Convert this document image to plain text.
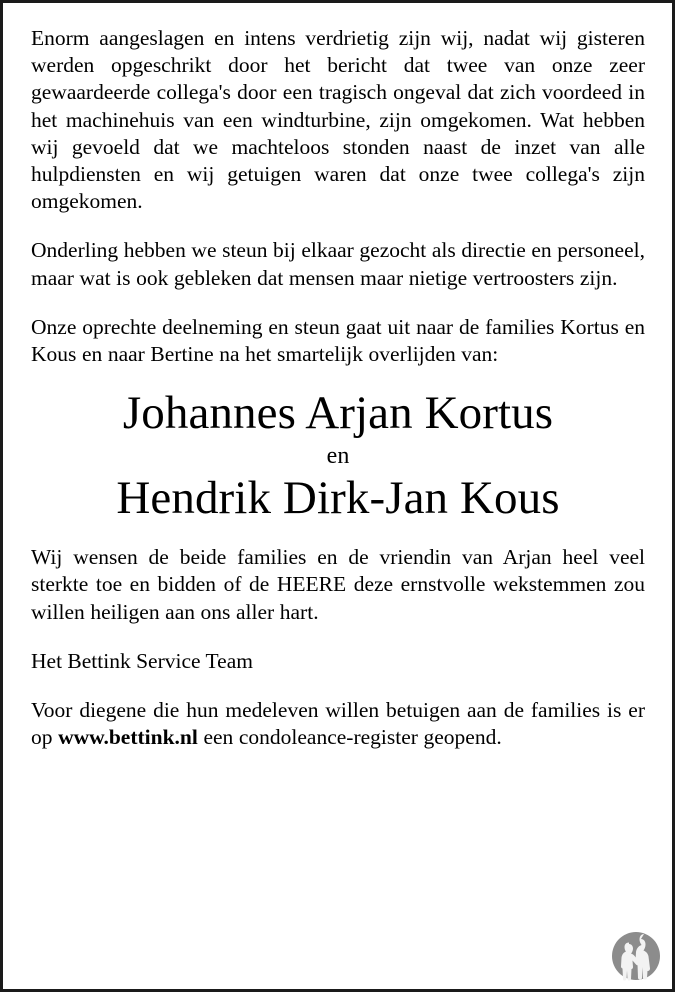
Enorm aangeslagen en intens verdrietig zijn wij, nadat wij gisteren werden opgeschrikt door het bericht dat twee van onze zeer gewaardeerde collega's door een tragisch ongeval dat zich voordeed in het machinehuis van een windturbine, zijn omgekomen. Wat hebben wij gevoeld dat we machteloos stonden naast de inzet van alle hulpdiensten en wij getuigen waren dat onze twee collega's zijn omgekomen.

Onderling hebben we steun bij elkaar gezocht als directie en personeel, maar wat is ook gebleken dat mensen maar nietige vertroosters zijn.

Onze oprechte deelneming en steun gaat uit naar de families Kortus en Kous en naar Bertine na het smartelijk overlijden van:

Johannes Arjan Kortus
en
Hendrik Dirk-Jan Kous

Wij wensen de beide families en de vriendin van Arjan heel veel sterkte toe en bidden of de HEERE deze ernstvolle wekstemmen zou willen heiligen aan ons aller hart.

Het Bettink Service Team

Voor diegene die hun medeleven willen betuigen aan de families is er op www.bettink.nl een condoleance-register geopend.
